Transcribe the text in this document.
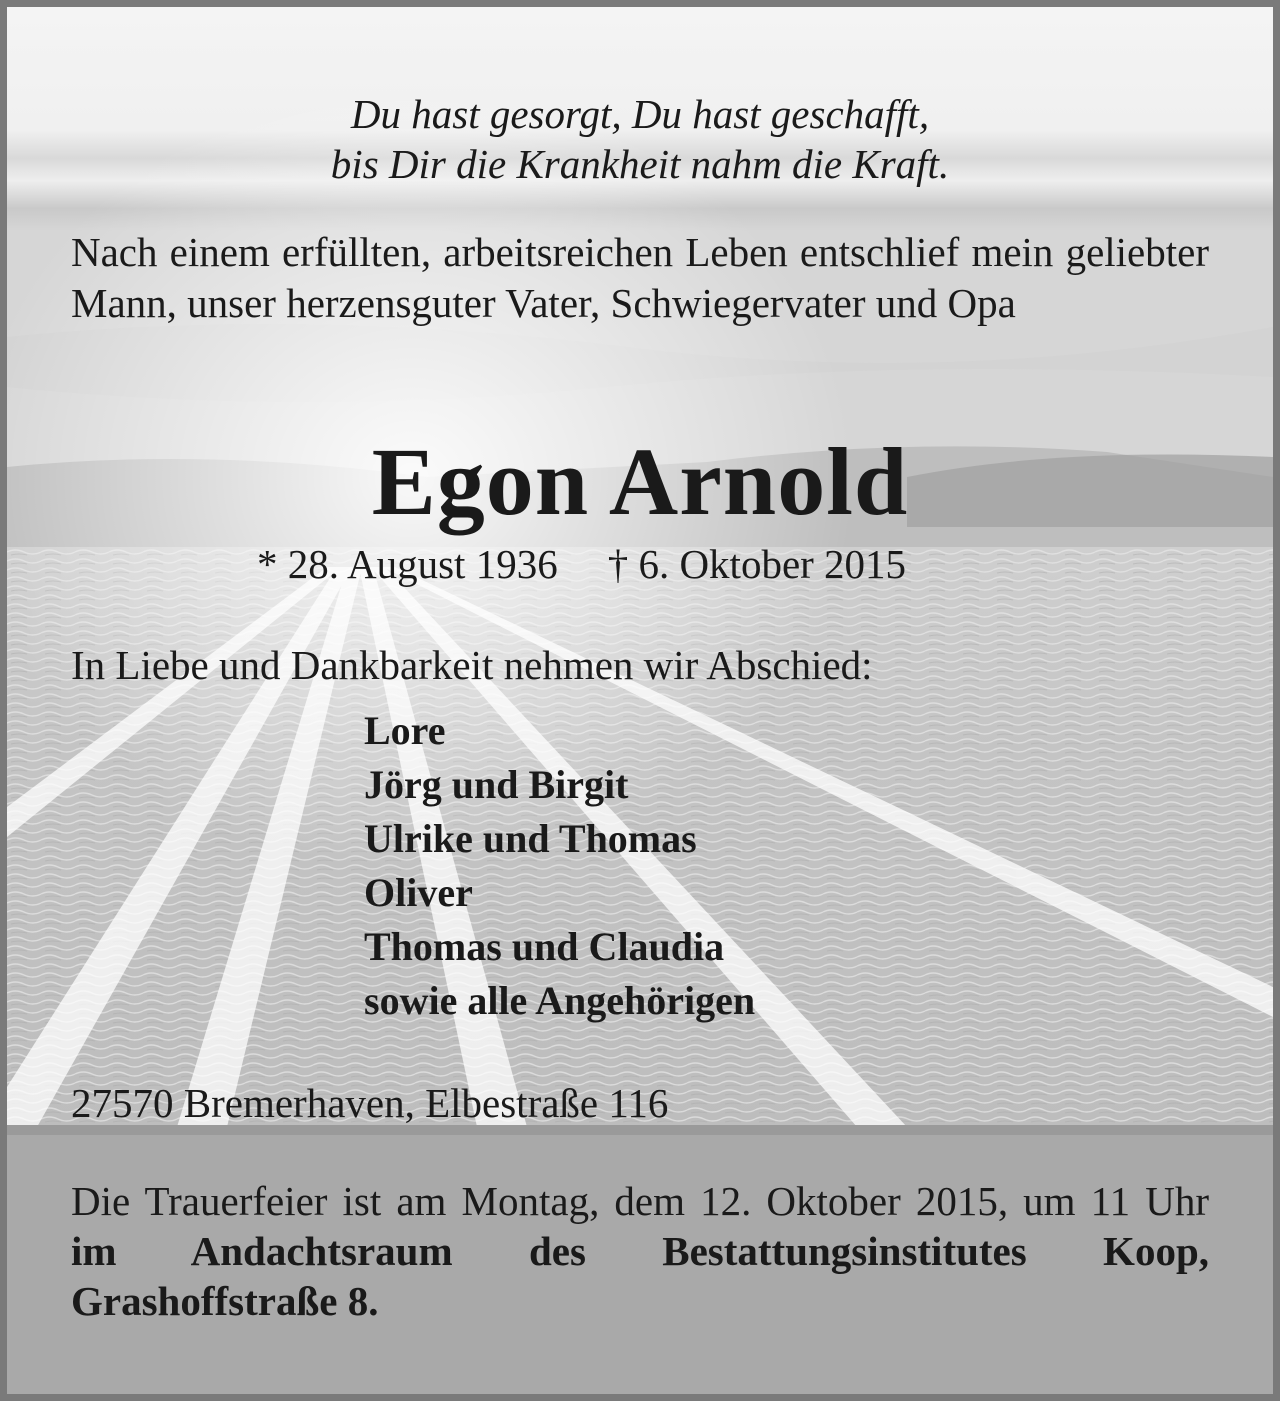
Du hast gesorgt, Du hast geschafft,
bis Dir die Krankheit nahm die Kraft.
Nach einem erfüllten, arbeitsreichen Leben entschlief mein geliebter Mann, unser herzensguter Vater, Schwiegervater und Opa
Egon Arnold
* 28. August 1936 † 6. Oktober 2015
In Liebe und Dankbarkeit nehmen wir Abschied:
Lore
Jörg und Birgit
Ulrike und Thomas
Oliver
Thomas und Claudia
sowie alle Angehörigen
27570 Bremerhaven, Elbestraße 116
Die Trauerfeier ist am Montag, dem 12. Oktober 2015, um 11 Uhr im Andachtsraum des Bestattungsinstitutes Koop, Grashoffstraße 8.
